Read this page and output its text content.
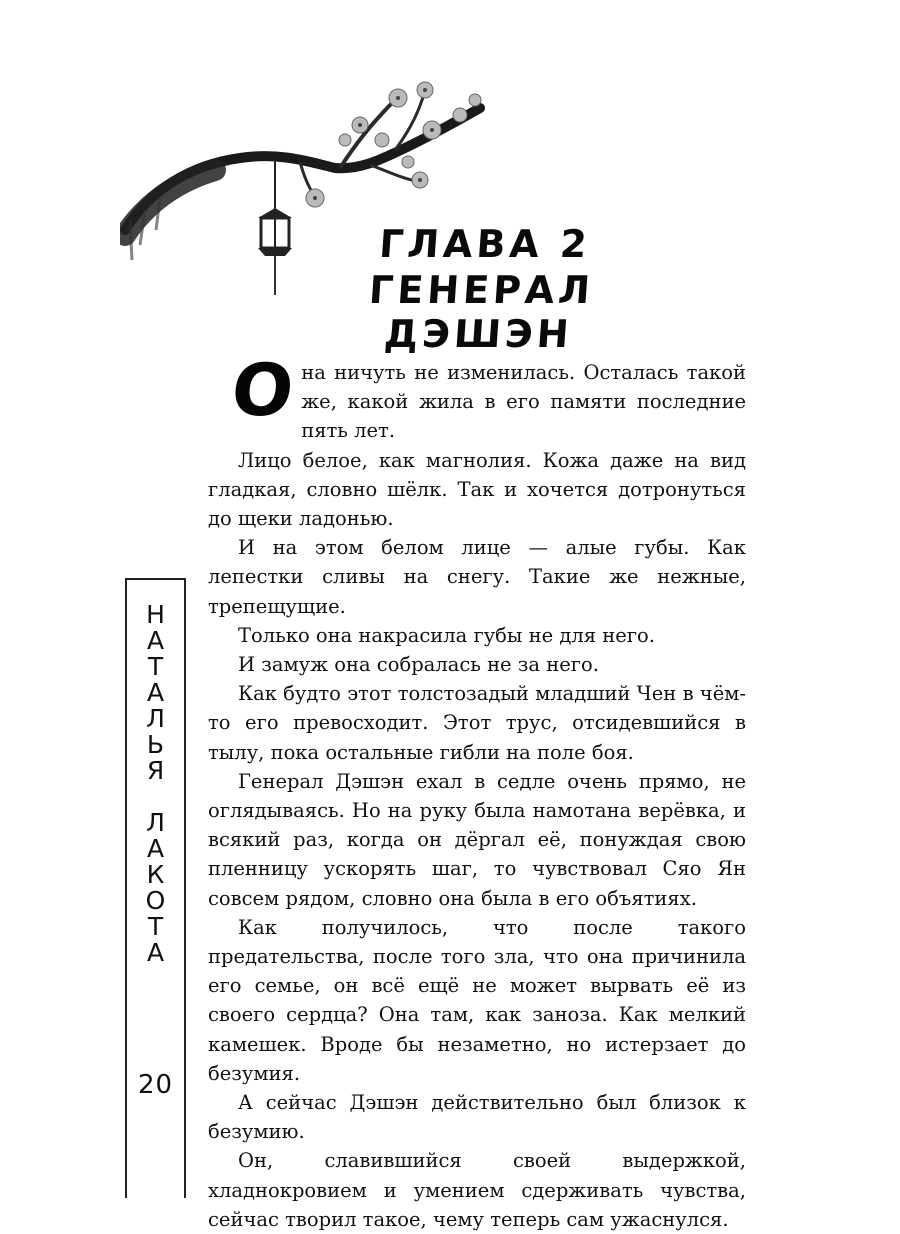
ГЛАВА 2
ГЕНЕРАЛ ДЭШЭН
Н
А
Т
А
Л
Ь
Я
Л
А
К
О
Т
А
20

Она ничуть не изменилась. Осталась такой же, какой жила в его памяти последние пять лет.

Лицо белое, как магнолия. Кожа даже на вид гладкая, словно шёлк. Так и хочется дотронуться до щеки ладонью.

И на этом белом лице — алые губы. Как лепестки сливы на снегу. Такие же нежные, трепещущие.

Только она накрасила губы не для него.

И замуж она собралась не за него.

Как будто этот толстозадый младший Чен в чём-то его превосходит. Этот трус, отсидевшийся в тылу, пока остальные гибли на поле боя.

Генерал Дэшэн ехал в седле очень прямо, не оглядываясь. Но на руку была намотана верёвка, и всякий раз, когда он дёргал её, понуждая свою пленницу ускорять шаг, то чувствовал Сяо Ян совсем рядом, словно она была в его объятиях.

Как получилось, что после такого предательства, после того зла, что она причинила его семье, он всё ещё не может вырвать её из своего сердца? Она там, как заноза. Как мелкий камешек. Вроде бы незаметно, но истерзает до безумия.

А сейчас Дэшэн действительно был близок к безумию.

Он, славившийся своей выдержкой, хладнокровием и умением сдерживать чувства, сейчас творил такое, чему теперь сам ужаснулся.
